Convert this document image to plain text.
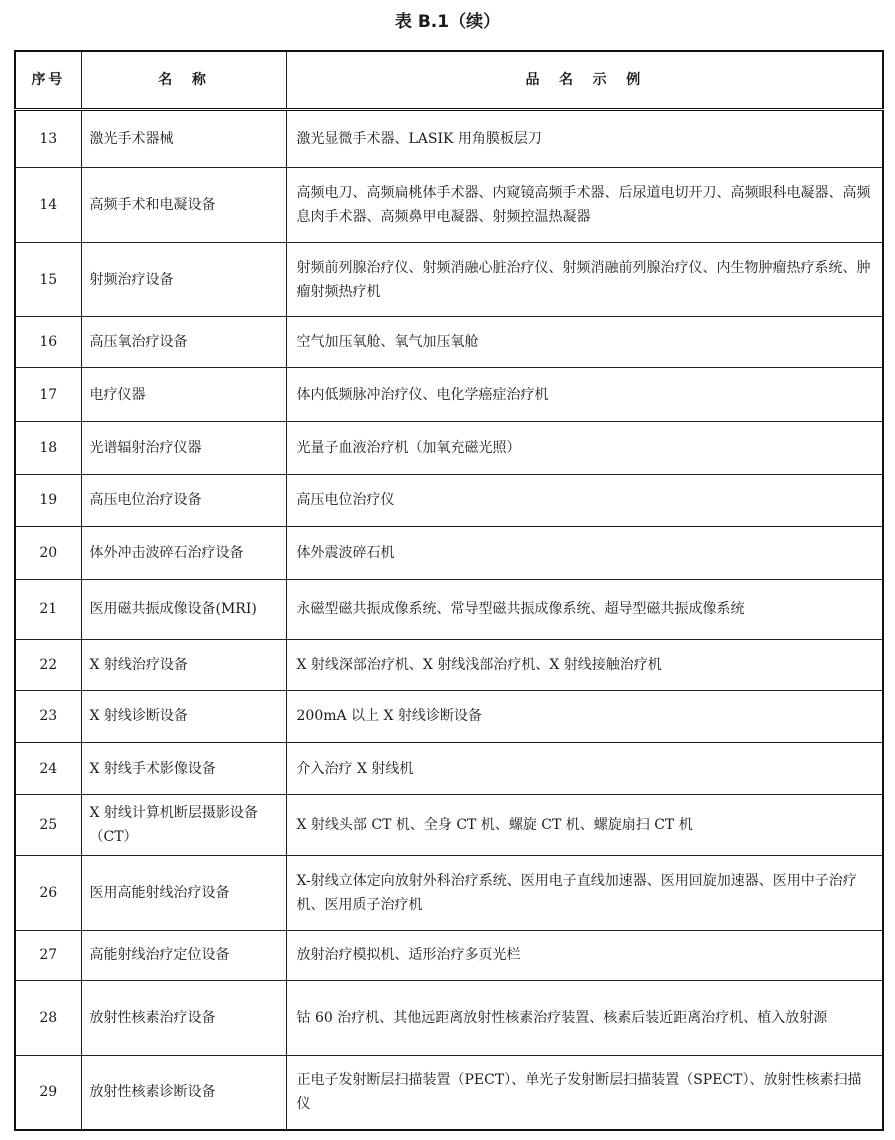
表 B.1（续）
序号	名　称	品　名　示　例
13	激光手术器械	激光显微手术器、LASIK 用角膜板层刀
14	高频手术和电凝设备	高频电刀、高频扁桃体手术器、内窥镜高频手术器、后尿道电切开刀、高频眼科电凝器、高频息肉手术器、高频鼻甲电凝器、射频控温热凝器
15	射频治疗设备	射频前列腺治疗仪、射频消融心脏治疗仪、射频消融前列腺治疗仪、内生物肿瘤热疗系统、肿瘤射频热疗机
16	高压氧治疗设备	空气加压氧舱、氧气加压氧舱
17	电疗仪器	体内低频脉冲治疗仪、电化学癌症治疗机
18	光谱辐射治疗仪器	光量子血液治疗机（加氧充磁光照）
19	高压电位治疗设备	高压电位治疗仪
20	体外冲击波碎石治疗设备	体外震波碎石机
21	医用磁共振成像设备(MRI)	永磁型磁共振成像系统、常导型磁共振成像系统、超导型磁共振成像系统
22	X 射线治疗设备	X 射线深部治疗机、X 射线浅部治疗机、X 射线接触治疗机
23	X 射线诊断设备	200mA 以上 X 射线诊断设备
24	X 射线手术影像设备	介入治疗 X 射线机
25	X 射线计算机断层摄影设备（CT）	X 射线头部 CT 机、全身 CT 机、螺旋 CT 机、螺旋扇扫 CT 机
26	医用高能射线治疗设备	X-射线立体定向放射外科治疗系统、医用电子直线加速器、医用回旋加速器、医用中子治疗机、医用质子治疗机
27	高能射线治疗定位设备	放射治疗模拟机、适形治疗多页光栏
28	放射性核素治疗设备	钴 60 治疗机、其他远距离放射性核素治疗装置、核素后装近距离治疗机、植入放射源
29	放射性核素诊断设备	正电子发射断层扫描装置（PECT）、单光子发射断层扫描装置（SPECT）、放射性核素扫描仪
